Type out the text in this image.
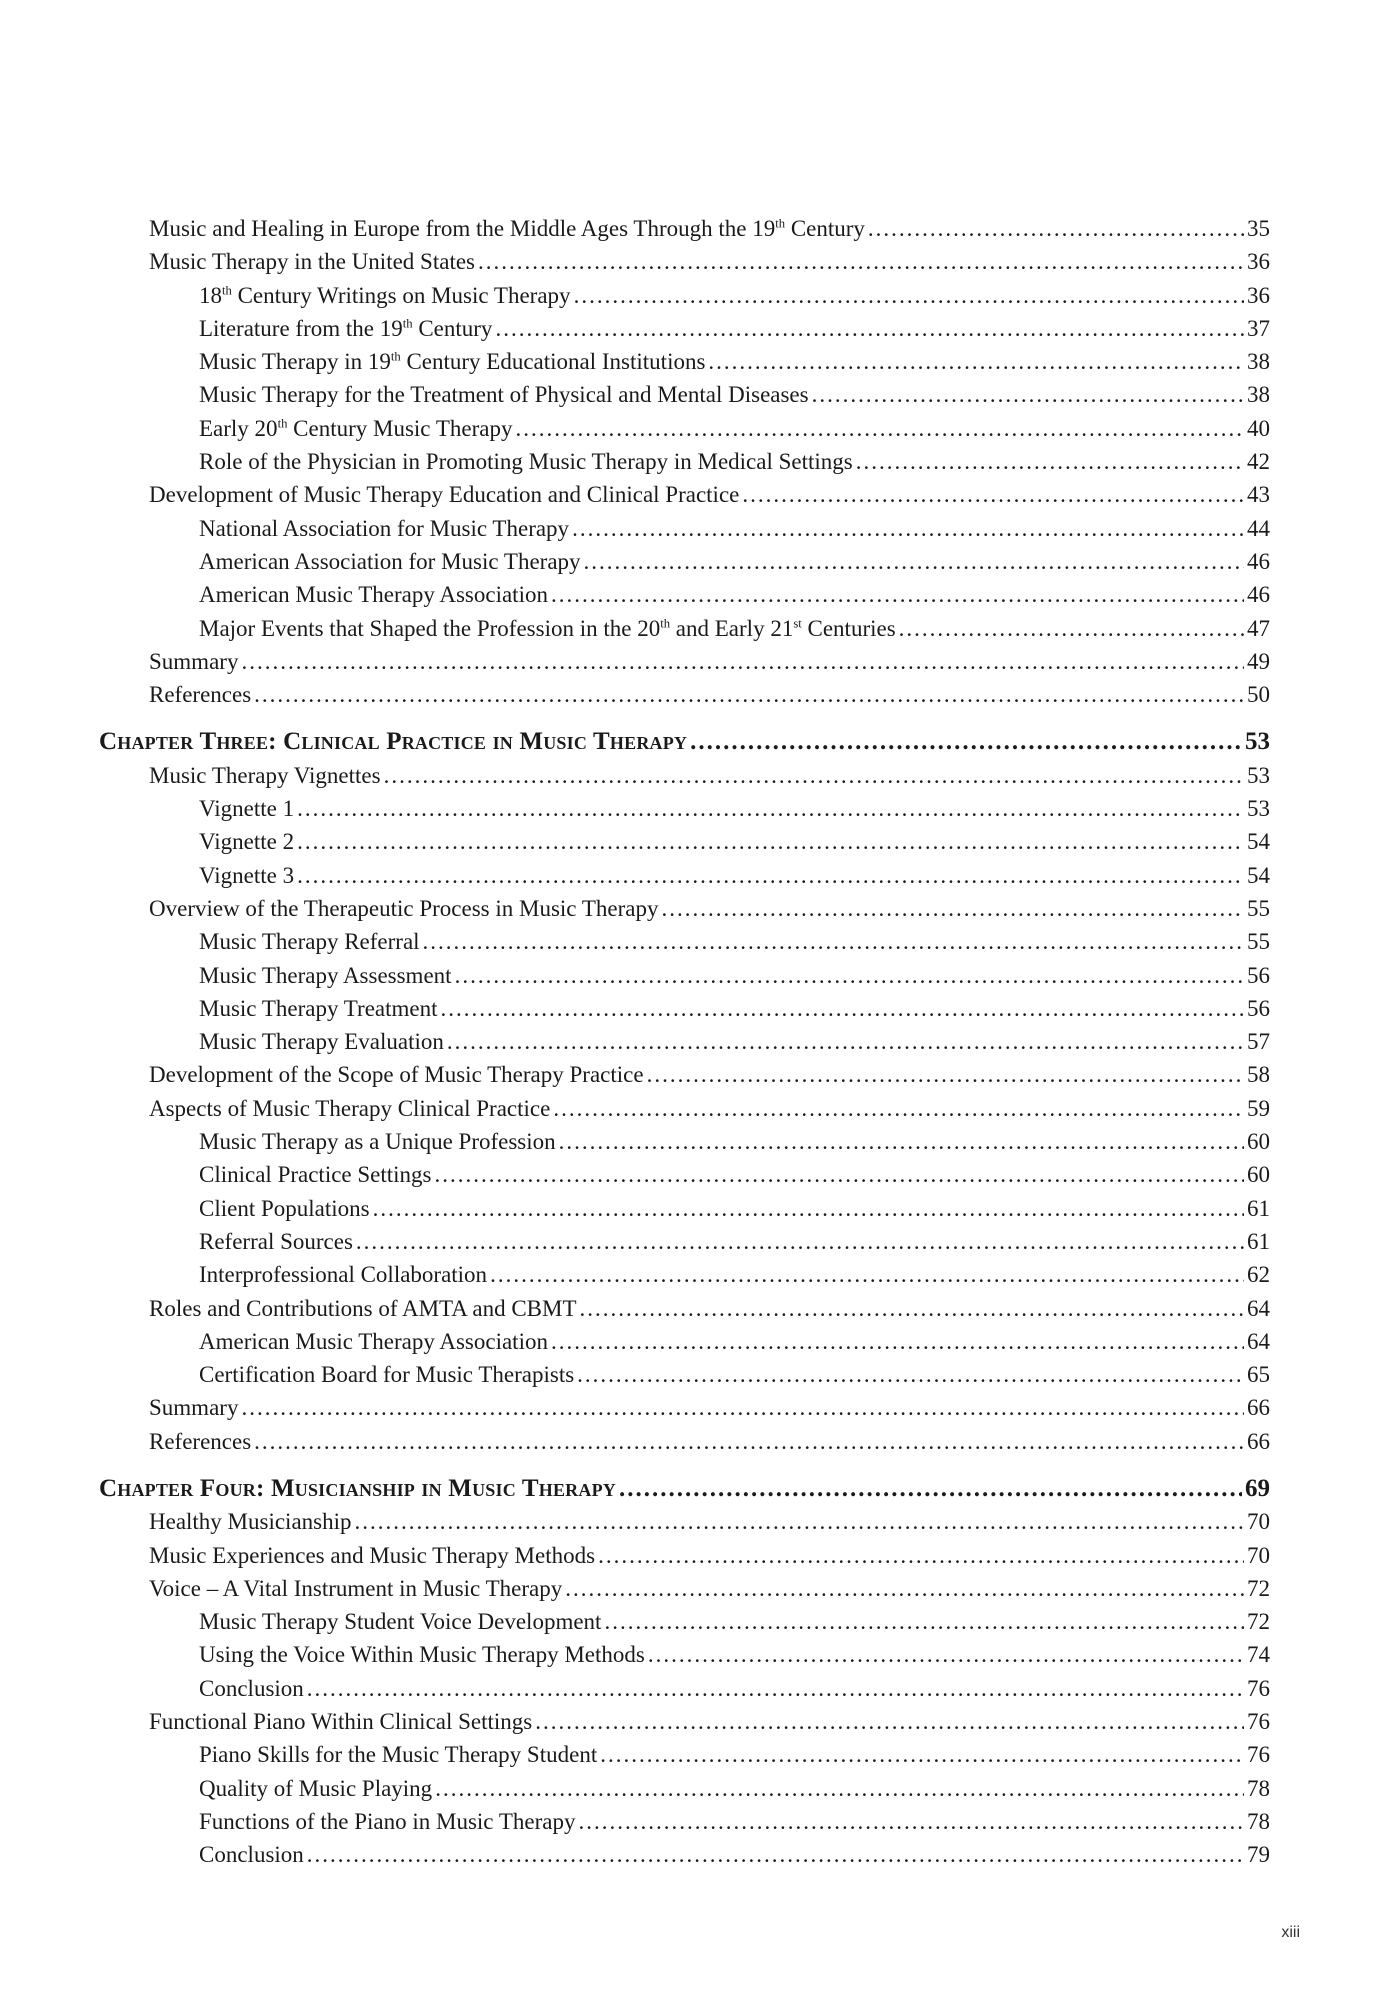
Music and Healing in Europe from the Middle Ages Through the 19th Century .....	35
Music Therapy in the United States .....	36
18th Century Writings on Music Therapy .....	36
Literature from the 19th Century .....	37
Music Therapy in 19th Century Educational Institutions .....	38
Music Therapy for the Treatment of Physical and Mental Diseases .....	38
Early 20th Century Music Therapy .....	40
Role of the Physician in Promoting Music Therapy in Medical Settings .....	42
Development of Music Therapy Education and Clinical Practice .....	43
National Association for Music Therapy .....	44
American Association for Music Therapy .....	46
American Music Therapy Association .....	46
Major Events that Shaped the Profession in the 20th and Early 21st Centuries .....	47
Summary .....	49
References .....	50
Chapter Three: Clinical Practice in Music Therapy .....	53
Music Therapy Vignettes .....	53
Vignette 1 .....	53
Vignette 2 .....	54
Vignette 3 .....	54
Overview of the Therapeutic Process in Music Therapy .....	55
Music Therapy Referral .....	55
Music Therapy Assessment .....	56
Music Therapy Treatment .....	56
Music Therapy Evaluation .....	57
Development of the Scope of Music Therapy Practice .....	58
Aspects of Music Therapy Clinical Practice .....	59
Music Therapy as a Unique Profession .....	60
Clinical Practice Settings .....	60
Client Populations .....	61
Referral Sources .....	61
Interprofessional Collaboration .....	62
Roles and Contributions of AMTA and CBMT .....	64
American Music Therapy Association .....	64
Certification Board for Music Therapists .....	65
Summary .....	66
References .....	66
Chapter Four: Musicianship in Music Therapy .....	69
Healthy Musicianship .....	70
Music Experiences and Music Therapy Methods .....	70
Voice – A Vital Instrument in Music Therapy .....	72
Music Therapy Student Voice Development .....	72
Using the Voice Within Music Therapy Methods .....	74
Conclusion .....	76
Functional Piano Within Clinical Settings .....	76
Piano Skills for the Music Therapy Student .....	76
Quality of Music Playing .....	78
Functions of the Piano in Music Therapy .....	78
Conclusion .....	79
xiii
